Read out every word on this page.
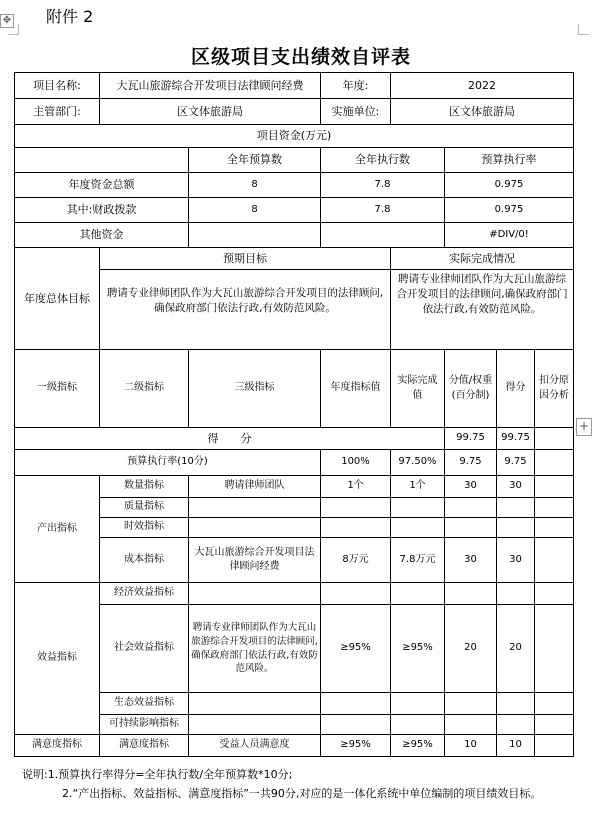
✥ 附件 2
区级项目支出绩效自评表
项目名称:	大瓦山旅游综合开发项目法律顾问经费		年度:	2022			
主管部门:	区文体旅游局		实施单位:	区文体旅游局			
项目资金(万元)							
		全年预算数	全年执行数		预算执行率		
年度资金总额		8	7.8		0.975		
其中:财政拨款		8	7.8		0.975		
其他资金					#DIV/0!		
年度总体目标	预期目标			实际完成情况			
	聘请专业律师团队作为大瓦山旅游综合开发项目的法律顾问,确保政府部门依法行政,有效防范风险。			聘请专业律师团队作为大瓦山旅游综合开发项目的法律顾问,确保政府部门依法行政,有效防范风险。			
一级指标	二级指标	三级指标	年度指标值	实际完成值	分值/权重(百分制)	得分	扣分原因分析
得　　分					99.75	99.75	
预算执行率(10分)			100%	97.50%	9.75	9.75	
产出指标	数量指标	聘请律师团队	1个	1个	30	30	
	质量指标						
	时效指标						
	成本指标	大瓦山旅游综合开发项目法律顾问经费	8万元	7.8万元	30	30	
效益指标	经济效益指标						
	社会效益指标	聘请专业律师团队作为大瓦山旅游综合开发项目的法律顾问,确保政府部门依法行政,有效防范风险。	≥95%	≥95%	20	20	
	生态效益指标						
	可持续影响指标						
满意度指标	满意度指标	受益人员满意度	≥95%	≥95%	10	10	
+

说明:1.预算执行率得分=全年执行数/全年预算数*10分;

2.“产出指标、效益指标、满意度指标”一共90分,对应的是一体化系统中单位编制的项目绩效目标。
